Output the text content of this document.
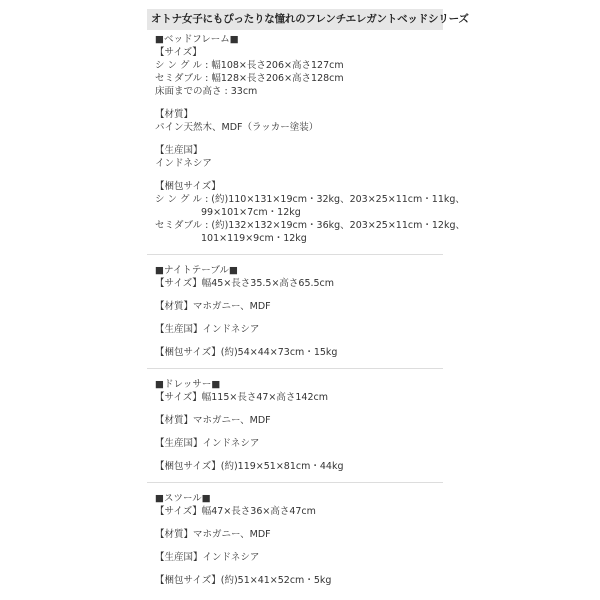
オトナ女子にもぴったりな憧れのフレンチエレガントベッドシリーズ
■ベッドフレーム■
【サイズ】
シ ン グ ル : 幅108×長さ206×高さ127cm
セミダブル : 幅128×長さ206×高さ128cm
床面までの高さ : 33cm
【材質】
パイン天然木、MDF（ラッカー塗装）
【生産国】
インドネシア
【梱包サイズ】
シ ン グ ル : (約)110×131×19cm・32kg、203×25×11cm・11kg、
99×101×7cm・12kg
セミダブル : (約)132×132×19cm・36kg、203×25×11cm・12kg、
101×119×9cm・12kg
■ナイトテーブル■
【サイズ】幅45×長さ35.5×高さ65.5cm
【材質】マホガニー、MDF
【生産国】インドネシア
【梱包サイズ】(約)54×44×73cm・15kg
■ドレッサー■
【サイズ】幅115×長さ47×高さ142cm
【材質】マホガニー、MDF
【生産国】インドネシア
【梱包サイズ】(約)119×51×81cm・44kg
■スツール■
【サイズ】幅47×長さ36×高さ47cm
【材質】マホガニー、MDF
【生産国】インドネシア
【梱包サイズ】(約)51×41×52cm・5kg
